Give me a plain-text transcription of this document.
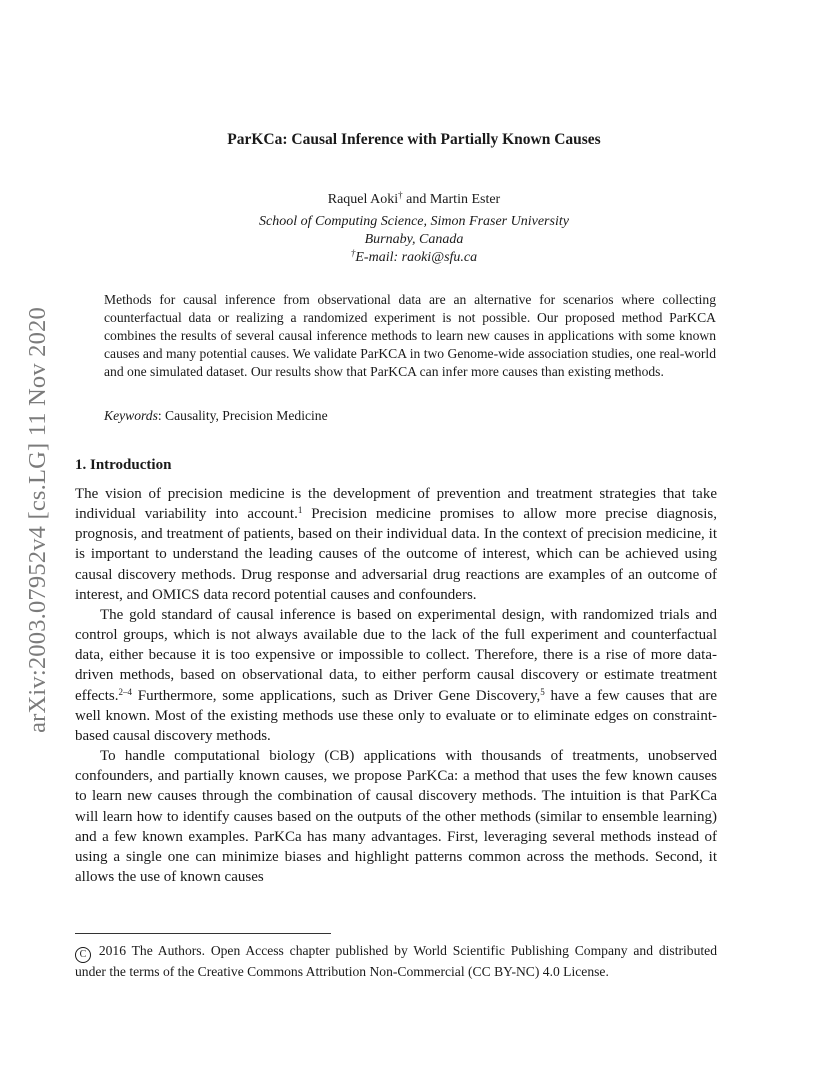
arXiv:2003.07952v4 [cs.LG] 11 Nov 2020
ParKCa: Causal Inference with Partially Known Causes
Raquel Aoki† and Martin Ester
School of Computing Science, Simon Fraser University
Burnaby, Canada
†E-mail: raoki@sfu.ca
Methods for causal inference from observational data are an alternative for scenarios where collecting counterfactual data or realizing a randomized experiment is not possible. Our proposed method ParKCA combines the results of several causal inference methods to learn new causes in applications with some known causes and many potential causes. We validate ParKCA in two Genome-wide association studies, one real-world and one simulated dataset. Our results show that ParKCA can infer more causes than existing methods.
Keywords: Causality, Precision Medicine
1. Introduction

The vision of precision medicine is the development of prevention and treatment strategies that take individual variability into account.$^1$ Precision medicine promises to allow more precise diagnosis, prognosis, and treatment of patients, based on their individual data. In the context of precision medicine, it is important to understand the leading causes of the outcome of interest, which can be achieved using causal discovery methods. Drug response and adversarial drug reactions are examples of an outcome of interest, and OMICS data record potential causes and confounders.

The gold standard of causal inference is based on experimental design, with randomized trials and control groups, which is not always available due to the lack of the full experiment and counterfactual data, either because it is too expensive or impossible to collect. Therefore, there is a rise of more data-driven methods, based on observational data, to either perform causal discovery or estimate treatment effects.$^{2-4}$ Furthermore, some applications, such as Driver Gene Discovery,$^5$ have a few causes that are well known. Most of the existing methods use these only to evaluate or to eliminate edges on constraint-based causal discovery methods.

To handle computational biology (CB) applications with thousands of treatments, unobserved confounders, and partially known causes, we propose ParKCa: a method that uses the few known causes to learn new causes through the combination of causal discovery methods. The intuition is that ParKCa will learn how to identify causes based on the outputs of the other methods (similar to ensemble learning) and a few known examples. ParKCa has many advantages. First, leveraging several methods instead of using a single one can minimize biases and highlight patterns common across the methods. Second, it allows the use of known causes

C 2016 The Authors. Open Access chapter published by World Scientific Publishing Company and distributed under the terms of the Creative Commons Attribution Non-Commercial (CC BY-NC) 4.0 License.
